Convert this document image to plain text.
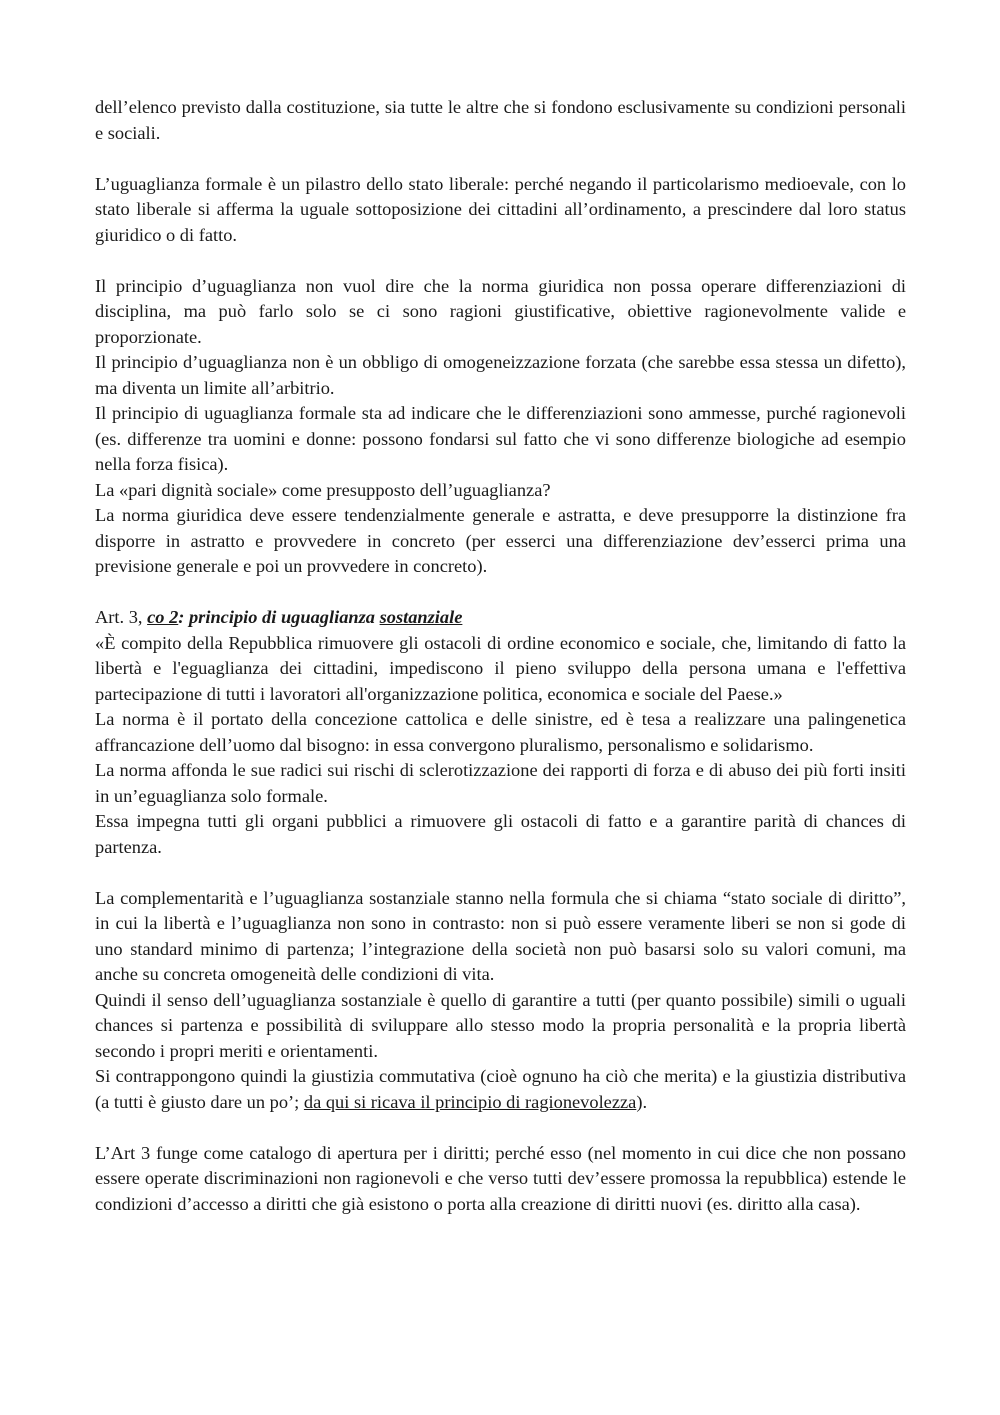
dell’elenco previsto dalla costituzione, sia tutte le altre che si fondono esclusivamente su condizioni personali e sociali.

L’uguaglianza formale è un pilastro dello stato liberale: perché negando il particolarismo medioevale, con lo stato liberale si afferma la uguale sottoposizione dei cittadini all’ordinamento, a prescindere dal loro status giuridico o di fatto.

Il principio d’uguaglianza non vuol dire che la norma giuridica non possa operare differenziazioni di disciplina, ma può farlo solo se ci sono ragioni giustificative, obiettive ragionevolmente valide e proporzionate.

Il principio d’uguaglianza non è un obbligo di omogeneizzazione forzata (che sarebbe essa stessa un difetto), ma diventa un limite all’arbitrio.

Il principio di uguaglianza formale sta ad indicare che le differenziazioni sono ammesse, purché ragionevoli (es. differenze tra uomini e donne: possono fondarsi sul fatto che vi sono differenze biologiche ad esempio nella forza fisica).

La «pari dignità sociale» come presupposto dell’uguaglianza?

La norma giuridica deve essere tendenzialmente generale e astratta, e deve presupporre la distinzione fra disporre in astratto e provvedere in concreto (per esserci una differenziazione dev’esserci prima una previsione generale e poi un provvedere in concreto).

Art. 3, co 2: principio di uguaglianza sostanziale

«È compito della Repubblica rimuovere gli ostacoli di ordine economico e sociale, che, limitando di fatto la libertà e l'eguaglianza dei cittadini, impediscono il pieno sviluppo della persona umana e l'effettiva partecipazione di tutti i lavoratori all'organizzazione politica, economica e sociale del Paese.»

La norma è il portato della concezione cattolica e delle sinistre, ed è tesa a realizzare una palingenetica affrancazione dell’uomo dal bisogno: in essa convergono pluralismo, personalismo e solidarismo.

La norma affonda le sue radici sui rischi di sclerotizzazione dei rapporti di forza e di abuso dei più forti insiti in un’eguaglianza solo formale.

Essa impegna tutti gli organi pubblici a rimuovere gli ostacoli di fatto e a garantire parità di chances di partenza.

La complementarità e l’uguaglianza sostanziale stanno nella formula che si chiama “stato sociale di diritto”, in cui la libertà e l’uguaglianza non sono in contrasto: non si può essere veramente liberi se non si gode di uno standard minimo di partenza; l’integrazione della società non può basarsi solo su valori comuni, ma anche su concreta omogeneità delle condizioni di vita.

Quindi il senso dell’uguaglianza sostanziale è quello di garantire a tutti (per quanto possibile) simili o uguali chances si partenza e possibilità di sviluppare allo stesso modo la propria personalità e la propria libertà secondo i propri meriti e orientamenti.

Si contrappongono quindi la giustizia commutativa (cioè ognuno ha ciò che merita) e la giustizia distributiva (a tutti è giusto dare un po’; da qui si ricava il principio di ragionevolezza).

L’Art 3 funge come catalogo di apertura per i diritti; perché esso (nel momento in cui dice che non possano essere operate discriminazioni non ragionevoli e che verso tutti dev’essere promossa la repubblica) estende le condizioni d’accesso a diritti che già esistono o porta alla creazione di diritti nuovi (es. diritto alla casa).
